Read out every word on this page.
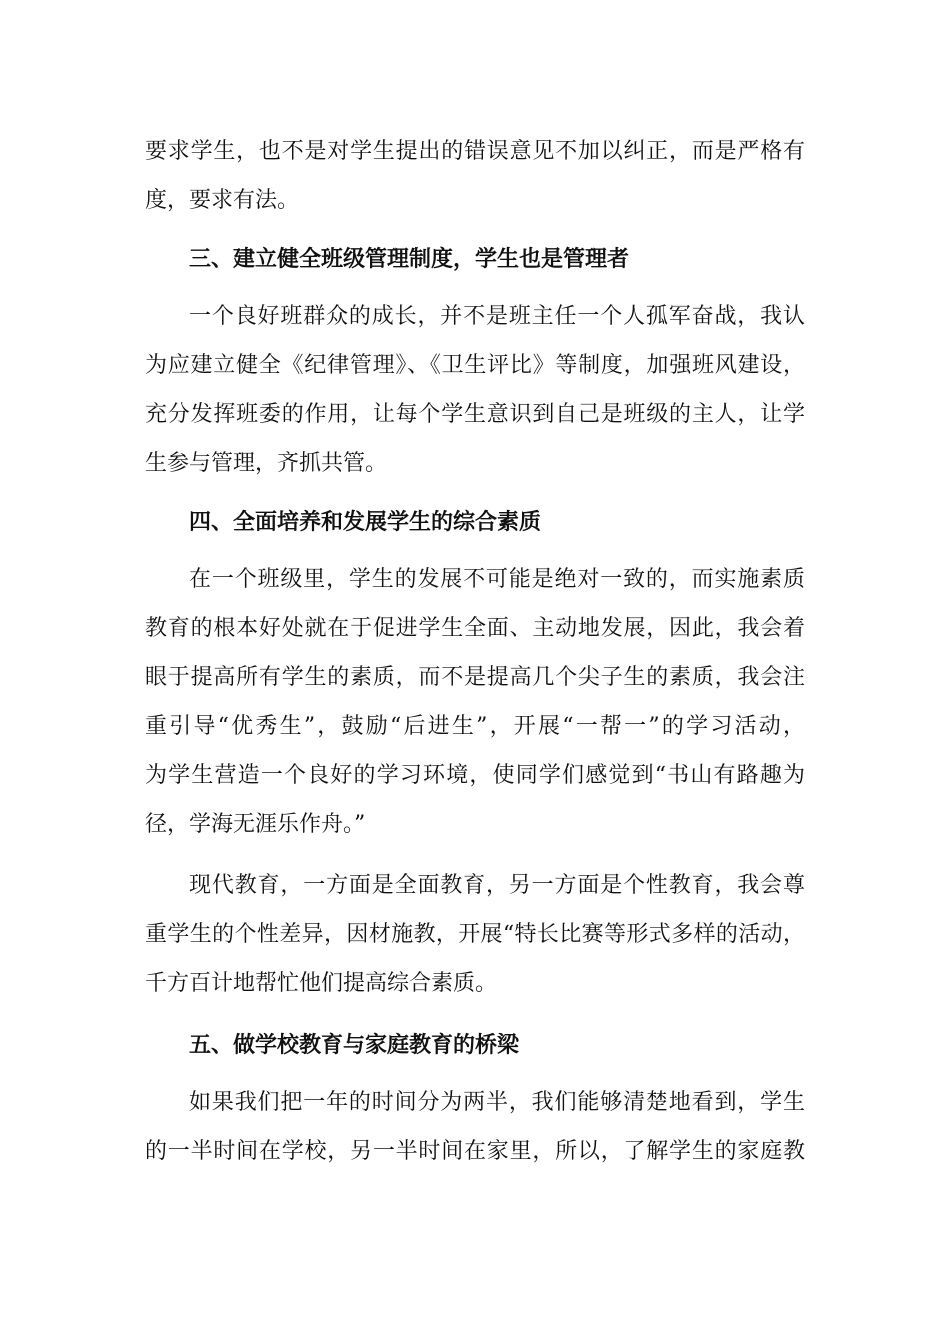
要求学生，也不是对学生提出的错误意见不加以纠正，而是严格有
度，要求有法。
三、建立健全班级管理制度，学生也是管理者
一个良好班群众的成长，并不是班主任一个人孤军奋战，我认
为应建立健全《纪律管理》、《卫生评比》等制度，加强班风建设，
充分发挥班委的作用，让每个学生意识到自己是班级的主人，让学
生参与管理，齐抓共管。
四、全面培养和发展学生的综合素质
在一个班级里，学生的发展不可能是绝对一致的，而实施素质
教育的根本好处就在于促进学生全面、主动地发展，因此，我会着
眼于提高所有学生的素质，而不是提高几个尖子生的素质，我会注
重引导“优秀生”，鼓励“后进生”，开展“一帮一”的学习活动，
为学生营造一个良好的学习环境，使同学们感觉到“书山有路趣为
径，学海无涯乐作舟。”
现代教育，一方面是全面教育，另一方面是个性教育，我会尊
重学生的个性差异，因材施教，开展“特长比赛等形式多样的活动，
千方百计地帮忙他们提高综合素质。
五、做学校教育与家庭教育的桥梁
如果我们把一年的时间分为两半，我们能够清楚地看到，学生
的一半时间在学校，另一半时间在家里，所以，了解学生的家庭教
